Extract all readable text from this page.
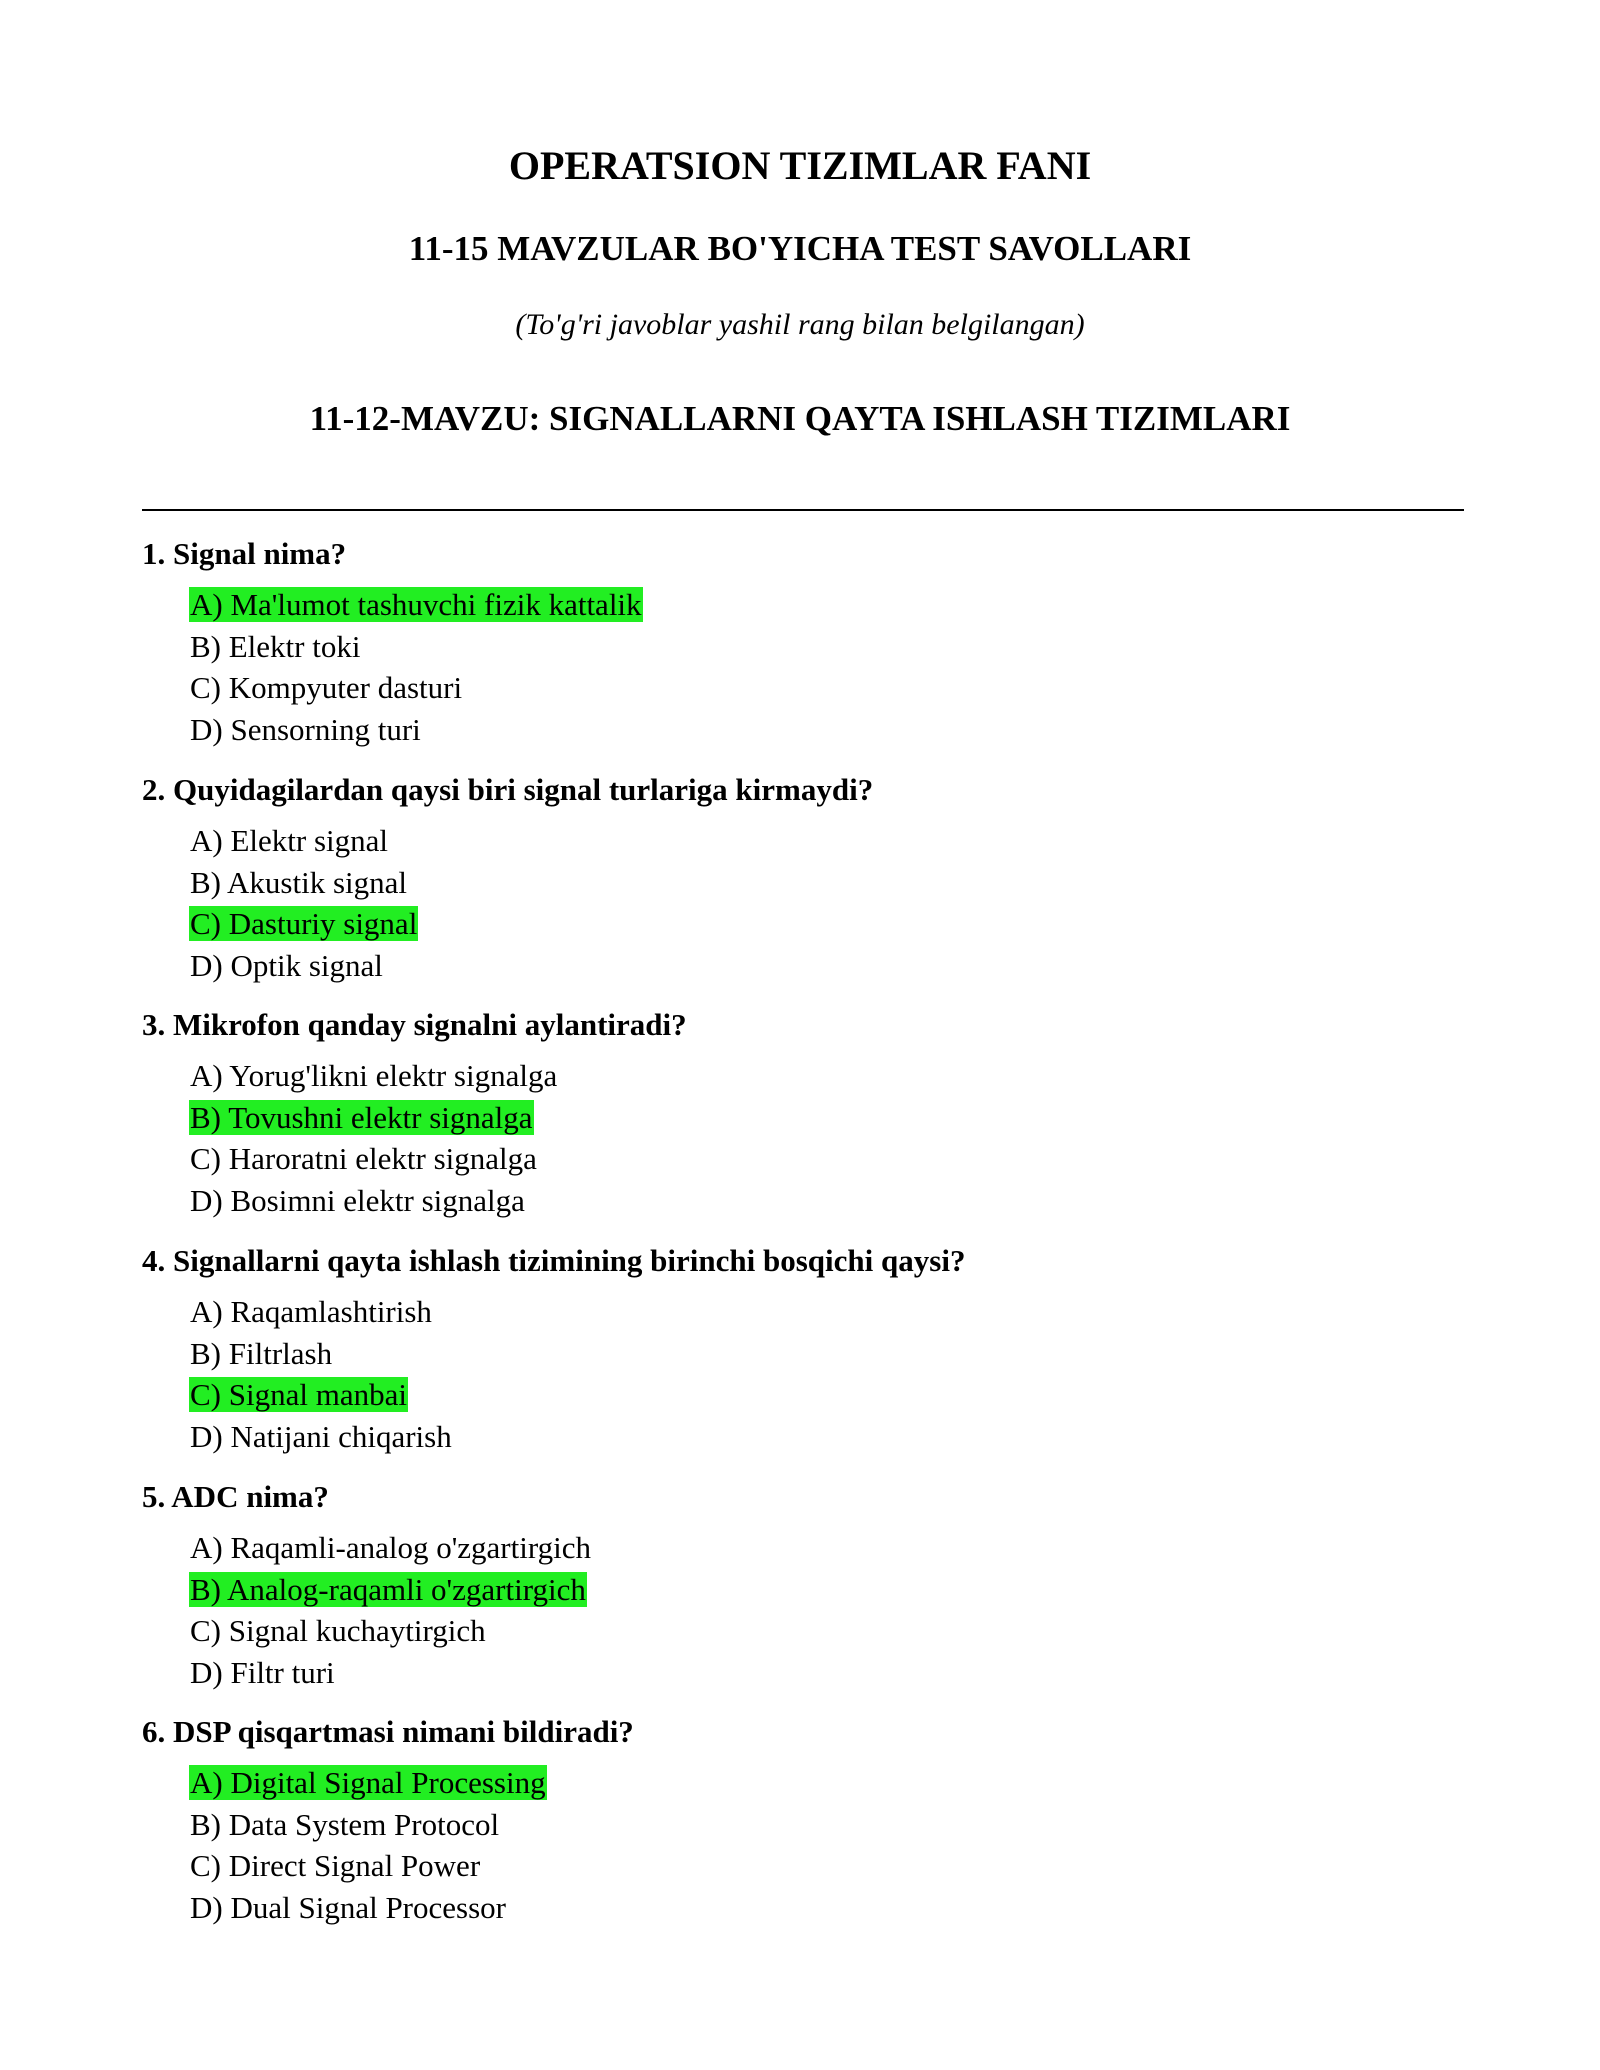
OPERATSION TIZIMLAR FANI
11-15 MAVZULAR BO'YICHA TEST SAVOLLARI
(To'g'ri javoblar yashil rang bilan belgilangan)
11-12-MAVZU: SIGNALLARNI QAYTA ISHLASH TIZIMLARI
1. Signal nima?
A) Ma'lumot tashuvchi fizik kattalik
B) Elektr toki
C) Kompyuter dasturi
D) Sensorning turi
2. Quyidagilardan qaysi biri signal turlariga kirmaydi?
A) Elektr signal
B) Akustik signal
C) Dasturiy signal
D) Optik signal
3. Mikrofon qanday signalni aylantiradi?
A) Yorug'likni elektr signalga
B) Tovushni elektr signalga
C) Haroratni elektr signalga
D) Bosimni elektr signalga
4. Signallarni qayta ishlash tizimining birinchi bosqichi qaysi?
A) Raqamlashtirish
B) Filtrlash
C) Signal manbai
D) Natijani chiqarish
5. ADC nima?
A) Raqamli-analog o'zgartirgich
B) Analog-raqamli o'zgartirgich
C) Signal kuchaytirgich
D) Filtr turi
6. DSP qisqartmasi nimani bildiradi?
A) Digital Signal Processing
B) Data System Protocol
C) Direct Signal Power
D) Dual Signal Processor
